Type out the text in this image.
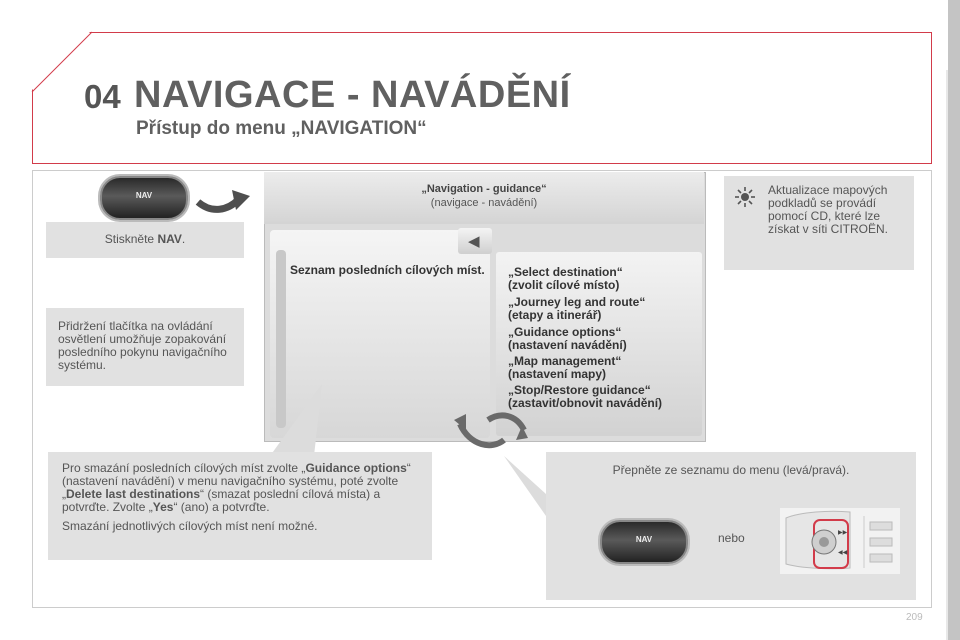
04 NAVIGACE - NAVÁDĚNÍ
Přístup do menu „NAVIGATION“
NAV
Stiskněte NAV.
Přidržení tlačítka na ovládání osvětlení umožňuje zopakování posledního pokynu navigačního systému.
Aktualizace mapových podkladů se provádí pomocí CD, které lze získat v síti CITROËN.
„Navigation - guidance“
(navigace - navádění)
Seznam posledních cílových míst.
◀
„Select destination“
(zvolit cílové místo)
„Journey leg and route“
(etapy a itinerář)
„Guidance options“
(nastavení navádění)
„Map management“
(nastavení mapy)
„Stop/Restore guidance“
(zastavit/obnovit navádění)
Pro smazání posledních cílových míst zvolte „Guidance options“ (nastavení navádění) v menu navigačního systému, poté zvolte „Delete last destinations“ (smazat poslední cílová místa) a potvrďte. Zvolte „Yes“ (ano) a potvrďte.
Smazání jednotlivých cílových míst není možné.
Přepněte ze seznamu do menu (levá/pravá).
nebo
NAV
▶▶
◀◀
209
